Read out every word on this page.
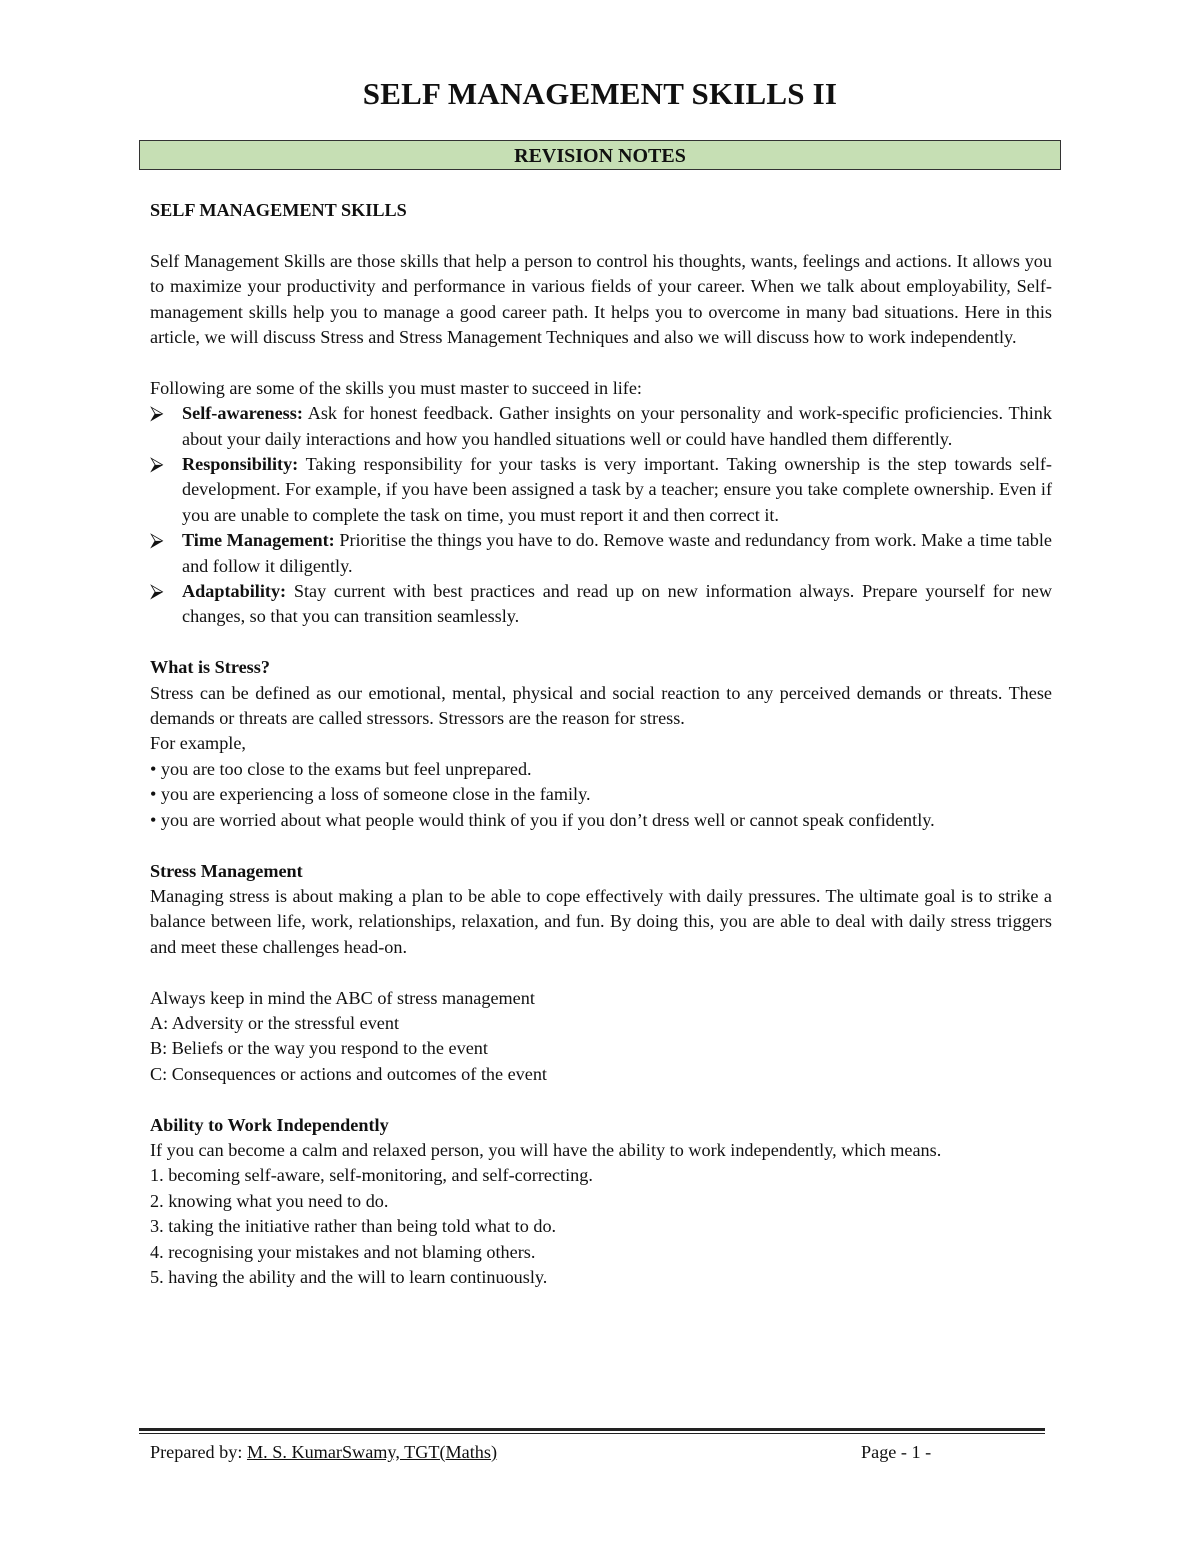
SELF MANAGEMENT SKILLS II
REVISION NOTES

SELF MANAGEMENT SKILLS

Self Management Skills are those skills that help a person to control his thoughts, wants, feelings and actions. It allows you to maximize your productivity and performance in various fields of your career. When we talk about employability, Self-management skills help you to manage a good career path. It helps you to overcome in many bad situations. Here in this article, we will discuss Stress and Stress Management Techniques and also we will discuss how to work independently.

Following are some of the skills you must master to succeed in life:

⮚	Self-awareness: Ask for honest feedback. Gather insights on your personality and work-specific proficiencies. Think about your daily interactions and how you handled situations well or could have handled them differently.
⮚	Responsibility: Taking responsibility for your tasks is very important. Taking ownership is the step towards self-development. For example, if you have been assigned a task by a teacher; ensure you take complete ownership. Even if you are unable to complete the task on time, you must report it and then correct it.
⮚	Time Management: Prioritise the things you have to do. Remove waste and redundancy from work. Make a time table and follow it diligently.
⮚	Adaptability: Stay current with best practices and read up on new information always. Prepare yourself for new changes, so that you can transition seamlessly.

What is Stress?

Stress can be defined as our emotional, mental, physical and social reaction to any perceived demands or threats. These demands or threats are called stressors. Stressors are the reason for stress.

For example,

• you are too close to the exams but feel unprepared.

• you are experiencing a loss of someone close in the family.

• you are worried about what people would think of you if you don’t dress well or cannot speak confidently.

Stress Management

Managing stress is about making a plan to be able to cope effectively with daily pressures. The ultimate goal is to strike a balance between life, work, relationships, relaxation, and fun. By doing this, you are able to deal with daily stress triggers and meet these challenges head-on.

Always keep in mind the ABC of stress management

A: Adversity or the stressful event

B: Beliefs or the way you respond to the event

C: Consequences or actions and outcomes of the event

Ability to Work Independently

If you can become a calm and relaxed person, you will have the ability to work independently, which means.

1. becoming self-aware, self-monitoring, and self-correcting.

2. knowing what you need to do.

3. taking the initiative rather than being told what to do.

4. recognising your mistakes and not blaming others.

5. having the ability and the will to learn continuously.

Prepared by: M. S. KumarSwamy, TGT(Maths)	Page - 1 -
